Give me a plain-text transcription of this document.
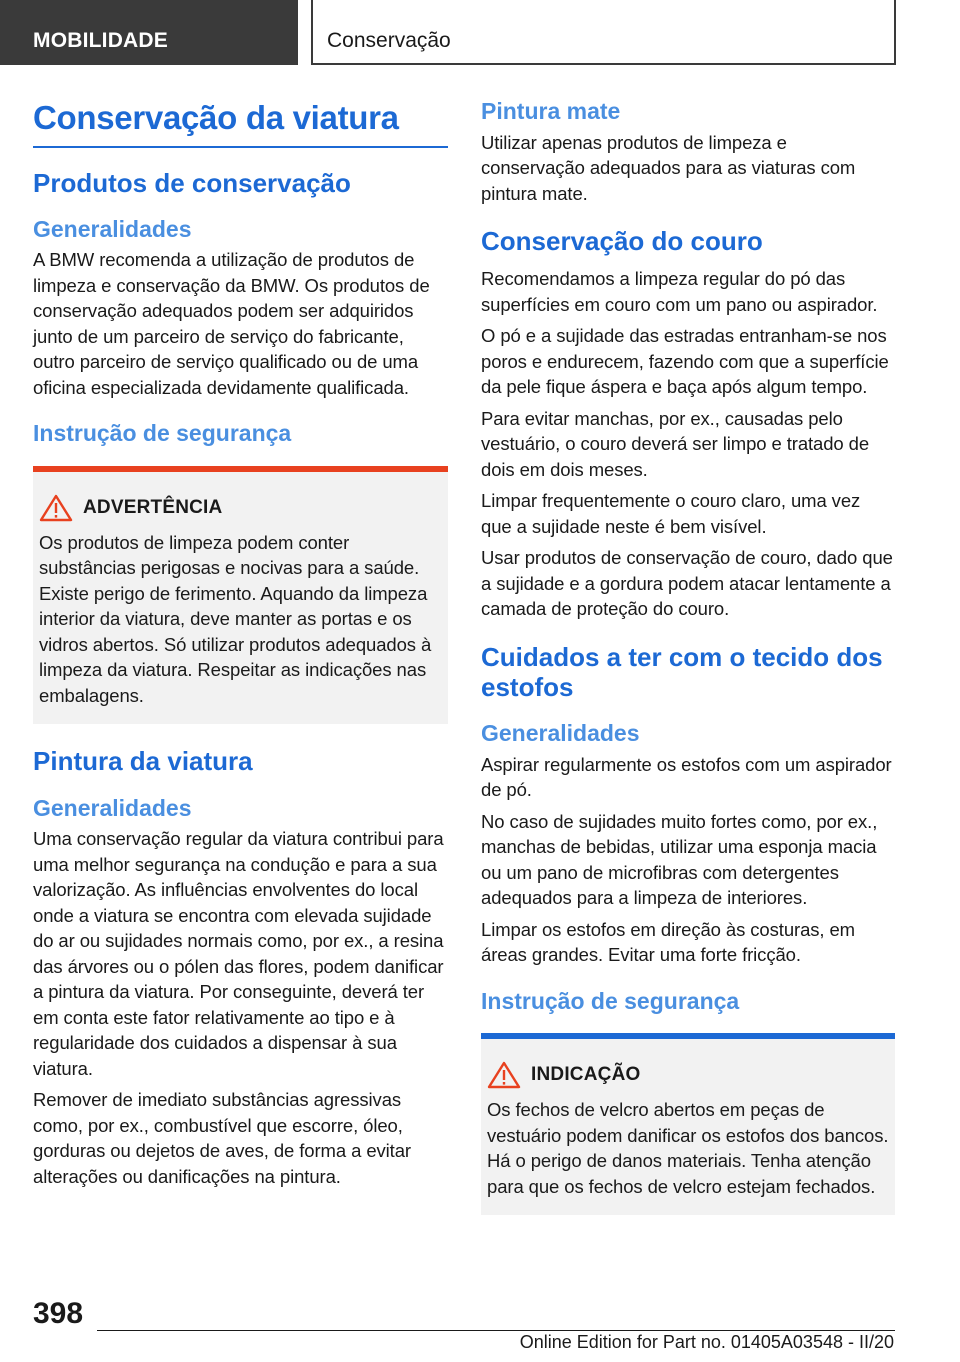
MOBILIDADE	Conservação
Conservação da viatura
Produtos de conservação
Generalidades

A BMW recomenda a utilização de produtos de limpeza e conservação da BMW. Os produtos de conservação adequados podem ser adquiridos junto de um parceiro de serviço do fabricante, outro parceiro de serviço qualificado ou de uma oficina especializada devidamente qualificada.

Instrução de segurança
ADVERTÊNCIA

Os produtos de limpeza podem conter substâncias perigosas e nocivas para a saúde. Existe perigo de ferimento. Aquando da limpeza interior da viatura, deve manter as portas e os vidros abertos. Só utilizar produtos adequados à limpeza da viatura. Respeitar as indicações nas embalagens.

Pintura da viatura
Generalidades

Uma conservação regular da viatura contribui para uma melhor segurança na condução e para a sua valorização. As influências envolventes do local onde a viatura se encontra com elevada sujidade do ar ou sujidades normais como, por ex., a resina das árvores ou o pólen das flores, podem danificar a pintura da viatura. Por conseguinte, deverá ter em conta este fator relativamente ao tipo e à regularidade dos cuidados a dispensar à sua viatura.

Remover de imediato substâncias agressivas como, por ex., combustível que escorre, óleo, gorduras ou dejetos de aves, de forma a evitar alterações ou danificações na pintura.

Pintura mate

Utilizar apenas produtos de limpeza e conservação adequados para as viaturas com pintura mate.

Conservação do couro

Recomendamos a limpeza regular do pó das superfícies em couro com um pano ou aspirador.

O pó e a sujidade das estradas entranham-se nos poros e endurecem, fazendo com que a superfície da pele fique áspera e baça após algum tempo.

Para evitar manchas, por ex., causadas pelo vestuário, o couro deverá ser limpo e tratado de dois em dois meses.

Limpar frequentemente o couro claro, uma vez que a sujidade neste é bem visível.

Usar produtos de conservação de couro, dado que a sujidade e a gordura podem atacar lentamente a camada de proteção do couro.

Cuidados a ter com o tecido dos estofos
Generalidades

Aspirar regularmente os estofos com um aspirador de pó.

No caso de sujidades muito fortes como, por ex., manchas de bebidas, utilizar uma esponja macia ou um pano de microfibras com detergentes adequados para a limpeza de interiores.

Limpar os estofos em direção às costuras, em áreas grandes. Evitar uma forte fricção.

Instrução de segurança
INDICAÇÃO

Os fechos de velcro abertos em peças de vestuário podem danificar os estofos dos bancos. Há o perigo de danos materiais. Tenha atenção para que os fechos de velcro estejam fechados.

398
Online Edition for Part no. 01405A03548 - II/20
